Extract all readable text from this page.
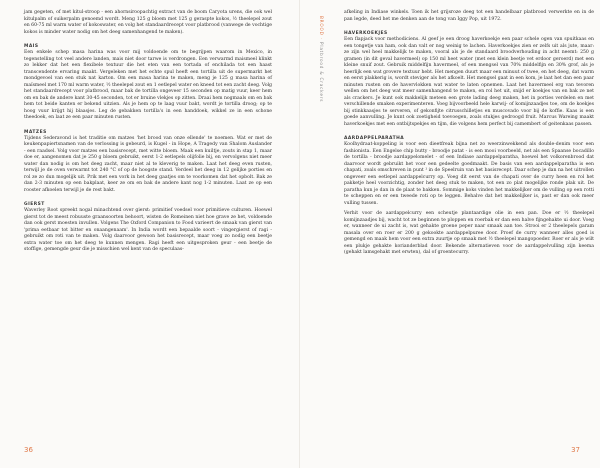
jam gegeten, of met kitul-stroop - een ahornsiroopachtig extract van de boom Caryota urens, die ook wel kitulpalm of suikerpalm genoemd wordt. Meng 125 g bloem met 125 g geraspte kokos, ½ theelepel zout en 60-75 ml warm water of kokoswater, en volg het standaardrecept voor platbrood (vanwege de vochtige kokos is minder water nodig om het deeg samenhangend te maken).

MAIS

Een enkele schep masa harina was voor mij voldoende om te begrijpen waarom in Mexico, in tegenstelling tot veel andere landen, mais niet door tarwe is verdrongen. Een verwarmd maismeel klinkt zo lekker dat het een flexibele textuur die het eten van een tortada of enchilada tot een haast transcendente ervaring maakt. Vergeleken met het echte spul heeft een tortilla uit de supermarkt het mondgevoel van een stuk nat karton. Om een masa harina te maken, meng je 125 g masa harina of maïsmeel met 170 ml warm water, ½ theelepel zout en 1 eetlepel water en kneed tot een zacht deeg. Volg het standaardrecept voor platbrood, maar bak de tortilla ongeveer 15 seconden op matig vuur, keer hem om en bak de andere kant 30-45 seconden, tot er bruine vlekjes op zitten. Draai hem nogmaals om en bak hem tot beide kanten er bekend uitzien. Als je hem op te laag vuur bakt, wordt je tortilla droog; op te hoog vuur krijgt hij blaasjes. Leg de gebakken tortilla's in een handdoek, wikkel ze in een schone theedoek, en laat ze een paar minuten rusten.

MATZES

Tijdens Sederavond is het traditie om matzes 'het brood van onze ellende' te noemen. Wat er met de keukenpapiertsnamen van de verlossing is gebeurd, is Kugel - in Hope, A Tragedy van Shalom Auslander - een raadsel. Volg voor matzes een basisrecept, met witte bloem. Maak een kuiltje, zouts in stap 1, maar doe er, aangenomen dat je 250 g bloem gebruikt, eerst 1-2 eetlepels olijfolie bij, en vervolgens niet meer water dan nodig is om het deeg zacht, maar niet al te kleverig te maken. Laat het deeg even rusten, terwijl je de oven verwarmt tot 240 °C of op de hoogste stand. Verdeel het deeg in 12 gelijke porties en rol ze zo dun mogelijk uit. Prik met een vork in het deeg gaatjes om te voorkomen dat het opbolt. Bak ze dan 2-3 minuten op een bakplaat, keer ze om en bak de andere kant nog 1-2 minuten. Laat ze op een rooster afkoelen terwijl je de rest bakt.

GIERST

Waverley Root spreekt nogal minachtend over gierst: primitief voedsel voor primitieve culturen. Hoewel gierst tot de meest robuuste graansoorten behoort, wisten de Romeinen niet hoe grave ze het, voldoende dan ook gerst moesten invullen. Volgens The Oxford Companion to Food varieert de smaak van gierst van 'prima eetbaar tot bitter en onaangenaam'. In India wordt een bepaalde soort - vingergierst of ragi - gebruikt om roti van te maken. Volg daarvoor gewoon het basisrecept, maar voeg zo nodig een beetje extra water toe om het deeg te kunnen mengen. Ragi heeft een uitgesproken geur - een beetje de stoffige, gemengde geur die je misschien wel kent van de speculaas-

36
BROOD · Platbrood & Crackers

afkeling in Indiase winkels. Toen ik het grijsroze deeg tot een handelbaar platbrood verwerkte en in de pan legde, deed het me denken aan de tong van Iggy Pop, uit 1972.

HAVERKOEKJES

Een flapjack voor methodiciens. Al geef je een droog haverkoekje een paar schele ogen van spuitkaas en een tongetje van ham, ook dan valt er nog weinig te lachen. Haverkoekjes zien er zelfs uit als jute, maar: ze zijn wel heel makkelijk te maken, vooral als je de standaard broodverhouding in acht neemt: 250 g gramen (in dit geval havermeel) op 150 ml heet water (met een klein beetje vet erdoor geroerd) met een kleine snuif zout. Gebruik middelfijn havermeel, of een mengsel van 70% middelfijn en 30% grof, als je heerlijk een wat grovere textuur hebt. Het mengen duurt maar een minuut of twee, en het deeg, dat warm en eerst plakkerig is, wordt steviger als het afkoelt. Het mengsel gaat in een kom, je laat het dan een paar minuten rusten om de havervlokken wat water te laten opnemen. Laat het havermeel erg van tevoren wellen om het deeg wat meer samenhangend te maken, en rol het uit, snijd er koekjes van en bak ze net als crackers. Je kunt ook makkelijk meteen een grote lading deeg maken, het in porties verdelen en met verschillende smaken experimenteren. Voeg bijvoorbeeld hele karwij- of komijnzaadjes toe, om de koekjes bij stinkkaasjes te serveren, of gekonfijte citrusschilletjes en muscovado voor bij de koffie. Kaas is een goede aanvulling. Je kunt ook zoetigheid toevoegen, zoals stukjes gedroogd fruit. Marcus Wareing maakt haverkoekjes met een ontbijtspekjes en tijm, die volgens hem perfect bij camembert of geitenkaas passen.

AARDAPPELPARATHA

Koolhydraat-koppeling is voor een dieetfreak bijna net zo weerzinwekkend als double-denim voor een fashionista. Een Engelse chip butty - broodje patat - is een mooi voorbeeld, net als een Spaanse bocadillo de tortilla - broodje aardappelomelet - of een Indiase aardappelparatha, hoewel het volkorenbrood dat daarvoor wordt gebruikt het voor een gedeelte goedmaakt. De basis van een aardappelparatha is een chapati, zoals omschreven in punt ¹ in de Speelruin van het basisrecept. Daar schep je dan na het uitrollen ongeveer een eetlepel aardappelcurry op. Voeg dit eerst van de chapati over de curry heen en rol het pakketje heel voorzichtig, zonder het deeg stuk te maken, tot een zo plat mogelijke ronde plak uit. De paratha kun je dan in de plaat te bakken. Sommige koks vinden het makkelijker om de vulling op een rotti te scheppen en er een tweede roti op te leggen. Behalve dat het makkelijker is, past er dan ook meer vulling tussen.

Verhit voor de aardappelcurry een scheutje plantaardige olie in een pan. Doe er ½ theelepel komijnzaadjes bij, wacht tot ze beginnen te ploppen en roerbak er dan een halve fijngehakte ui door. Voeg er, wanneer de ui zacht is, wat gehakte groene peper naar smaak aan toe. Strooi er 2 theelepels garam masala over en roer er 200 g gekookte aardappelpuree door. Proef de curry wanneer alles goed is gemengd en maak hem voor een extra zuurtje op smaak met ½ theelepel mangopoeder. Roer er als je wilt een plukje gehakte korianderblad door. Bekende alternatieven voor de aardappelvulling zijn keema (gehakt lamsgehakt met erwten), dal of groentecurry.

37
